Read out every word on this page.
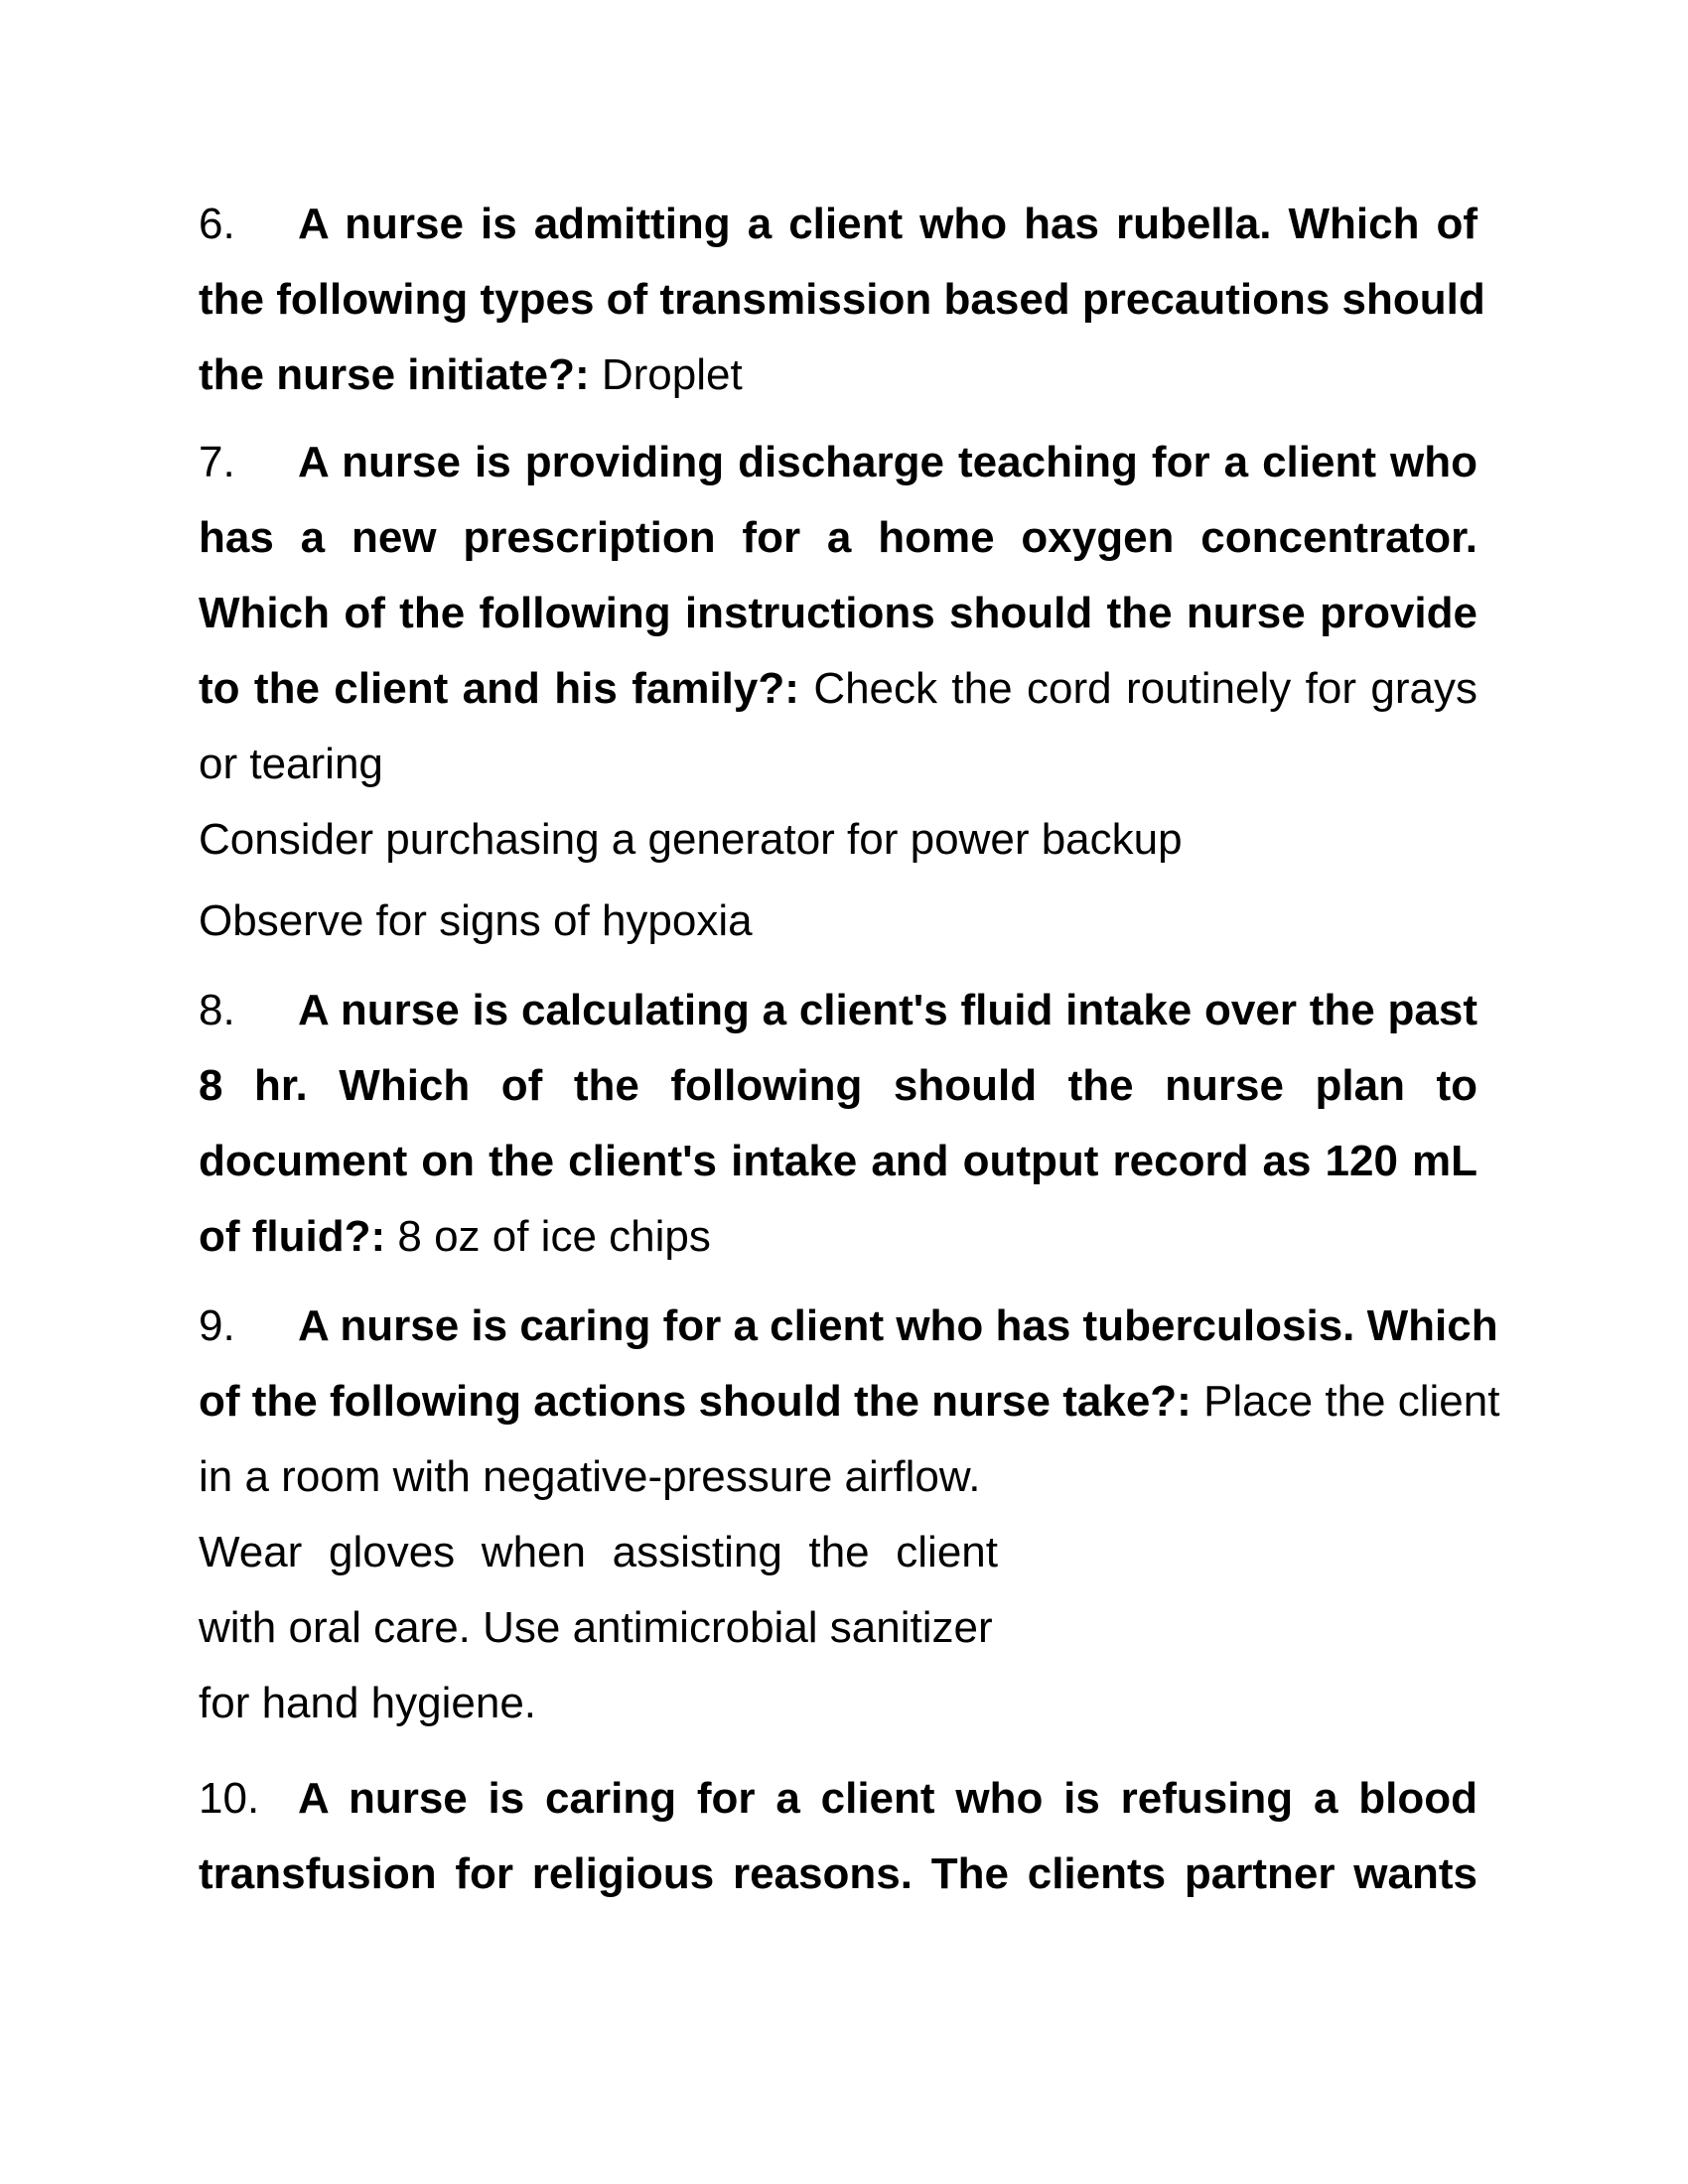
6. A nurse is admitting a client who has rubella. Which of
the following types of transmission based precautions should
the nurse initiate?: Droplet
7. A nurse is providing discharge teaching for a client who
has a new prescription for a home oxygen concentrator.
Which of the following instructions should the nurse provide
to the client and his family?: Check the cord routinely for grays
or tearing
Consider purchasing a generator for power backup
Observe for signs of hypoxia
8. A nurse is calculating a client's fluid intake over the past
8 hr. Which of the following should the nurse plan to
document on the client's intake and output record as 120 mL
of fluid?: 8 oz of ice chips
9. A nurse is caring for a client who has tuberculosis. Which
of the following actions should the nurse take?: Place the client
in a room with negative-pressure airflow.
Wear gloves when assisting the client
with oral care. Use antimicrobial sanitizer
for hand hygiene.
10. A nurse is caring for a client who is refusing a blood
transfusion for religious reasons. The clients partner wants
